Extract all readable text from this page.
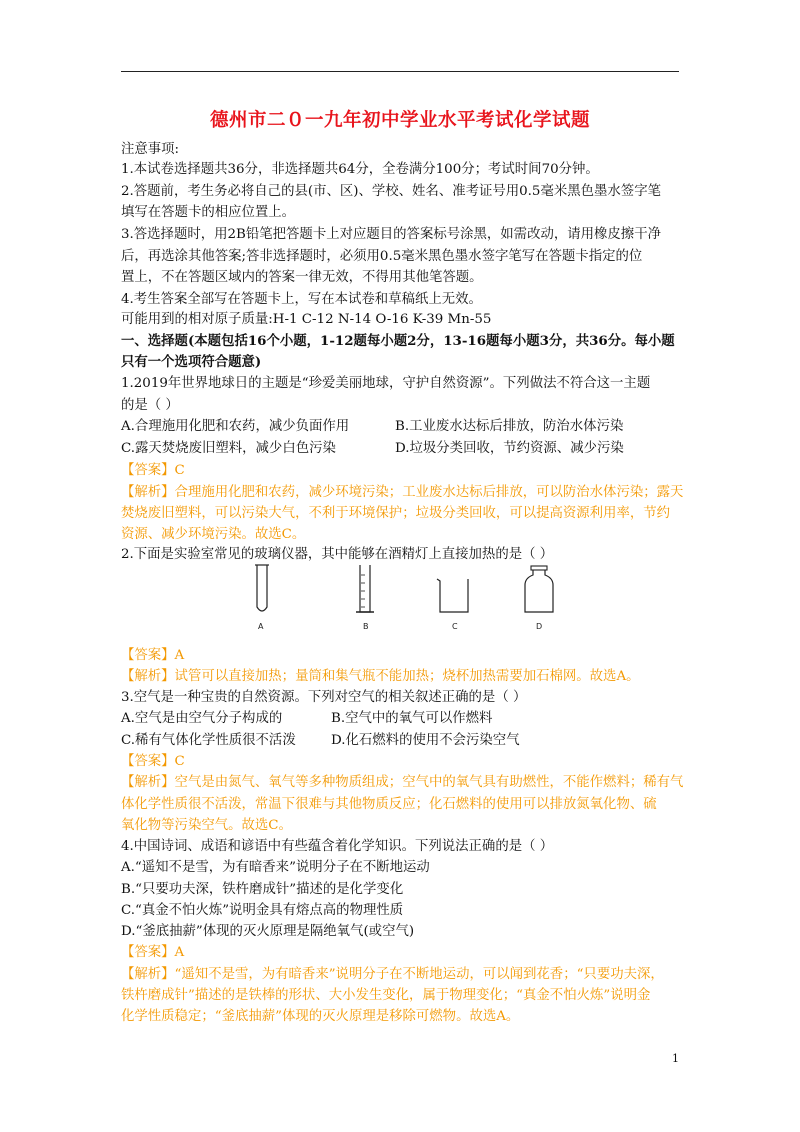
德州市二０一九年初中学业水平考试化学试题
注意事项:
1.本试卷选择题共36分，非选择题共64分，全卷满分100分；考试时间70分钟。
2.答题前，考生务必将自己的县(市、区)、学校、姓名、准考证号用0.5毫米黑色墨水签字笔
填写在答题卡的相应位置上。
3.答选择题时，用2B铅笔把答题卡上对应题目的答案标号涂黑，如需改动，请用橡皮擦干净
后，再选涂其他答案;答非选择题时，必须用0.5毫米黑色墨水签字笔写在答题卡指定的位
置上，不在答题区域内的答案一律无效，不得用其他笔答题。
4.考生答案全部写在答题卡上，写在本试卷和草稿纸上无效。
可能用到的相对原子质量:H-1 C-12 N-14 O-16 K-39 Mn-55
一、选择题(本题包括16个小题，1-12题每小题2分，13-16题每小题3分，共36分。每小题
只有一个选项符合题意)
1.2019年世界地球日的主题是“珍爱美丽地球，守护自然资源”。下列做法不符合这一主题
的是（ ）
A.合理施用化肥和农药，减少负面作用	B.工业废水达标后排放，防治水体污染
C.露天焚烧废旧塑料，减少白色污染	D.垃圾分类回收，节约资源、减少污染
【答案】C
【解析】合理施用化肥和农药，减少环境污染；工业废水达标后排放，可以防治水体污染；露天
焚烧废旧塑料，可以污染大气，不利于环境保护；垃圾分类回收，可以提高资源利用率，节约
资源、减少环境污染。故选C。
2.下面是实验室常见的玻璃仪器，其中能够在酒精灯上直接加热的是（ ）
A	B	C	D
【答案】A
【解析】试管可以直接加热；量筒和集气瓶不能加热；烧杯加热需要加石棉网。故选A。
3.空气是一种宝贵的自然资源。下列对空气的相关叙述正确的是（ ）
A.空气是由空气分子构成的	B.空气中的氧气可以作燃料
C.稀有气体化学性质很不活泼	D.化石燃料的使用不会污染空气
【答案】C
【解析】空气是由氮气、氧气等多种物质组成；空气中的氧气具有助燃性，不能作燃料；稀有气
体化学性质很不活泼，常温下很难与其他物质反应；化石燃料的使用可以排放氮氧化物、硫
氧化物等污染空气。故选C。
4.中国诗词、成语和谚语中有些蕴含着化学知识。下列说法正确的是（ ）
A.“遥知不是雪，为有暗香来”说明分子在不断地运动
B.“只要功夫深，铁杵磨成针”描述的是化学变化
C.“真金不怕火炼”说明金具有熔点高的物理性质
D.“釜底抽薪”体现的灭火原理是隔绝氧气(或空气)
【答案】A
【解析】“遥知不是雪，为有暗香来”说明分子在不断地运动，可以闻到花香；“只要功夫深，
铁杵磨成针”描述的是铁棒的形状、大小发生变化，属于物理变化；“真金不怕火炼”说明金
化学性质稳定；“釜底抽薪”体现的灭火原理是移除可燃物。故选A。
1
